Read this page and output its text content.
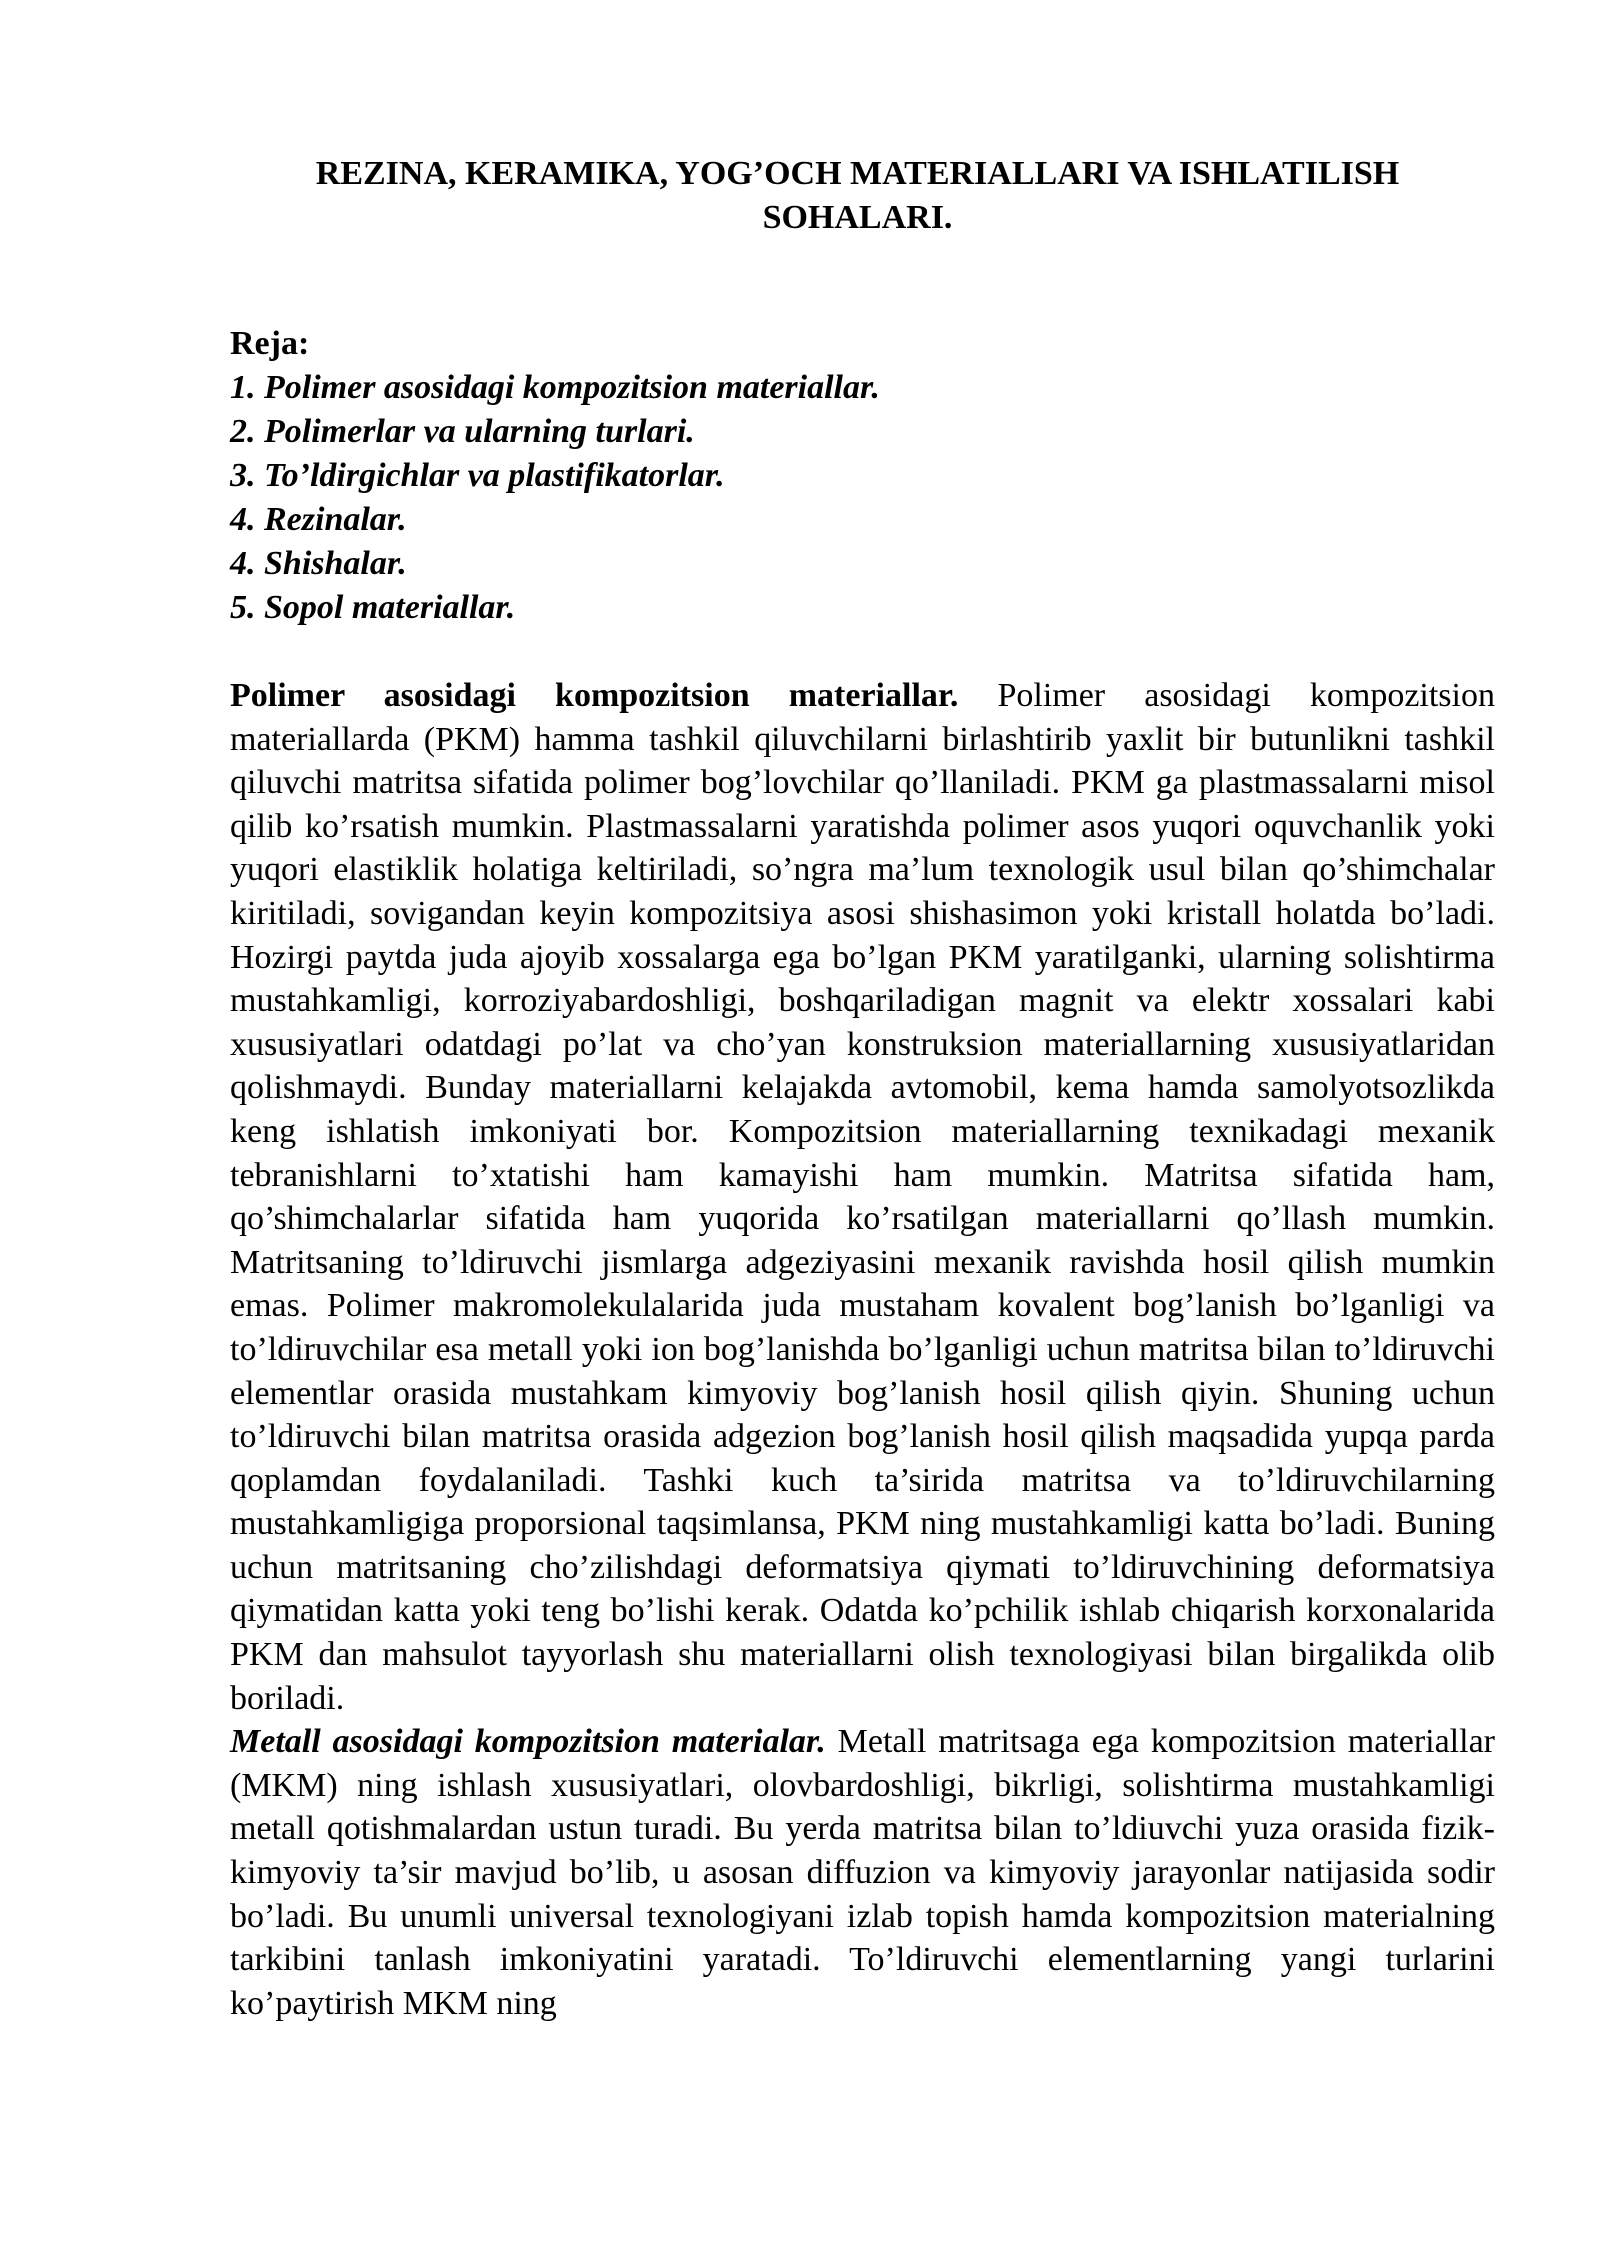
REZINA, KERAMIKA, YOG’OCH MATERIALLARI VA ISHLATILISH
SOHALARI.
Reja:
1. Polimer asosidagi kompozitsion materiallar.
2. Polimerlar va ularning turlari.
3. To’ldirgichlar va plastifikatorlar.
4. Rezinalar.
4. Shishalar.
5. Sopol materiallar.

Polimer asosidagi kompozitsion materiallar. Polimer asosidagi kompozitsion materiallarda (PKM) hamma tashkil qiluvchilarni birlashtirib yaxlit bir butunlikni tashkil qiluvchi matritsa sifatida polimer bog’lovchilar qo’llaniladi. PKM ga plastmassalarni misol qilib ko’rsatish mumkin. Plastmassalarni yaratishda polimer asos yuqori oquvchanlik yoki yuqori elastiklik holatiga keltiriladi, so’ngra ma’lum texnologik usul bilan qo’shimchalar kiritiladi, sovigandan keyin kompozitsiya asosi shishasimon yoki kristall holatda bo’ladi. Hozirgi paytda juda ajoyib xossalarga ega bo’lgan PKM yaratilganki, ularning solishtirma mustahkamligi, korroziyabardoshligi, boshqariladigan magnit va elektr xossalari kabi xususiyatlari odatdagi po’lat va cho’yan konstruksion materiallarning xususiyatlaridan qolishmaydi. Bunday materiallarni kelajakda avtomobil, kema hamda samolyotsozlikda keng ishlatish imkoniyati bor. Kompozitsion materiallarning texnikadagi mexanik tebranishlarni to’xtatishi ham kamayishi ham mumkin. Matritsa sifatida ham, qo’shimchalarlar sifatida ham yuqorida ko’rsatilgan materiallarni qo’llash mumkin. Matritsaning to’ldiruvchi jismlarga adgeziyasini mexanik ravishda hosil qilish mumkin emas. Polimer makromolekulalarida juda mustaham kovalent bog’lanish bo’lganligi va to’ldiruvchilar esa metall yoki ion bog’lanishda bo’lganligi uchun matritsa bilan to’ldiruvchi elementlar orasida mustahkam kimyoviy bog’lanish hosil qilish qiyin. Shuning uchun to’ldiruvchi bilan matritsa orasida adgezion bog’lanish hosil qilish maqsadida yupqa parda qoplamdan foydalaniladi. Tashki kuch ta’sirida matritsa va to’ldiruvchilarning mustahkamligiga proporsional taqsimlansa, PKM ning mustahkamligi katta bo’ladi. Buning uchun matritsaning cho’zilishdagi deformatsiya qiymati to’ldiruvchining deformatsiya qiymatidan katta yoki teng bo’lishi kerak. Odatda ko’pchilik ishlab chiqarish korxonalarida PKM dan mahsulot tayyorlash shu materiallarni olish texnologiyasi bilan birgalikda olib boriladi.

Metall asosidagi kompozitsion materialar. Metall matritsaga ega kompozitsion materiallar (MKM) ning ishlash xususiyatlari, olovbardoshligi, bikrligi, solishtirma mustahkamligi metall qotishmalardan ustun turadi. Bu yerda matritsa bilan to’ldiuvchi yuza orasida fizik-kimyoviy ta’sir mavjud bo’lib, u asosan diffuzion va kimyoviy jarayonlar natijasida sodir bo’ladi. Bu unumli universal texnologiyani izlab topish hamda kompozitsion materialning tarkibini tanlash imkoniyatini yaratadi. To’ldiruvchi elementlarning yangi turlarini ko’paytirish MKM ning
